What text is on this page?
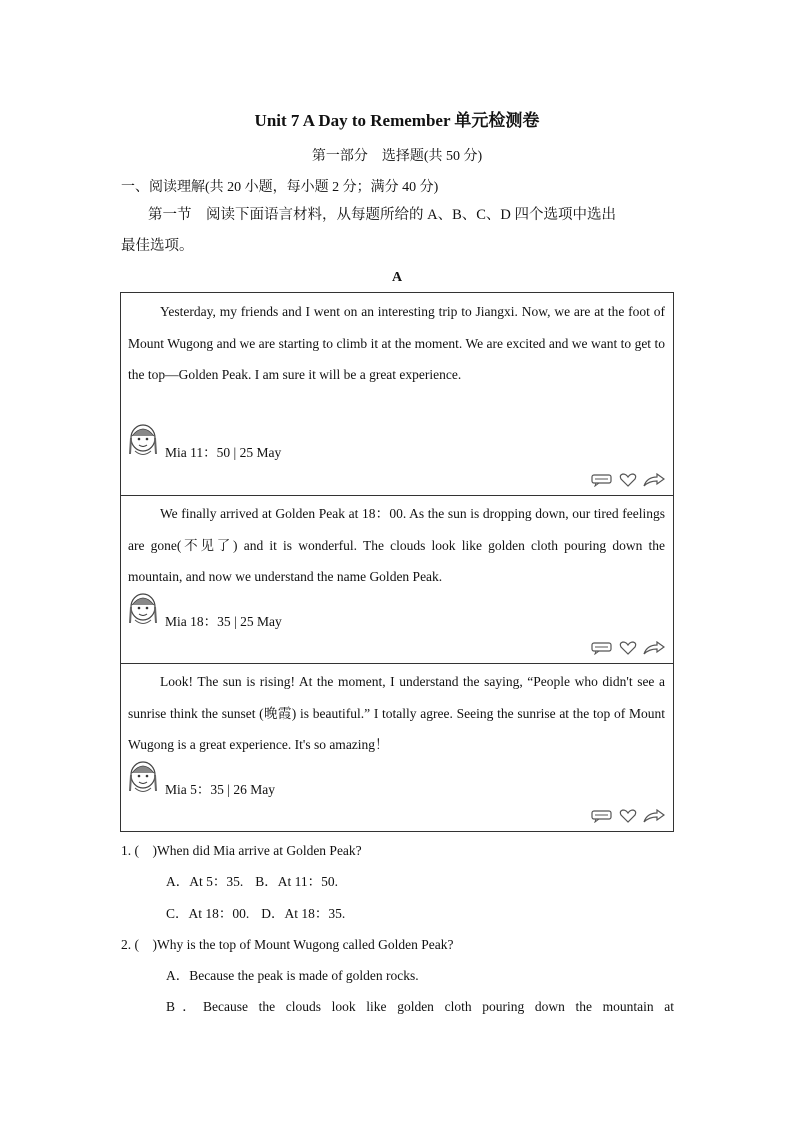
Unit 7 A Day to Remember 单元检测卷
第一部分　选择题(共 50 分)
一、阅读理解(共 20 小题，每小题 2 分；满分 40 分)
第一节　阅读下面语言材料，从每题所给的 A、B、C、D 四个选项中选出
最佳选项。
A
Yesterday, my friends and I went on an interesting trip to Jiangxi. Now, we are at the foot of Mount Wugong and we are starting to climb it at the moment. We are excited and we want to get to the top—Golden Peak. I am sure it will be a great experience.
Mia 11：50 | 25 May
We finally arrived at Golden Peak at 18：00. As the sun is dropping down, our tired feelings are gone(不见了) and it is wonderful. The clouds look like golden cloth pouring down the mountain, and now we understand the name Golden Peak.
Mia 18：35 | 25 May
Look! The sun is rising! At the moment, I understand the saying, “People who didn't see a sunrise think the sunset (晚霞) is beautiful.” I totally agree. Seeing the sunrise at the top of Mount Wugong is a great experience. It's so amazing！
Mia 5：35 | 26 May
1. (　)When did Mia arrive at Golden Peak?
A．At 5：35. B．At 11：50.
C．At 18：00. D．At 18：35.
2. (　)Why is the top of Mount Wugong called Golden Peak?
A．Because the peak is made of golden rocks.
B．Because the clouds look like golden cloth pouring down the mountain at
